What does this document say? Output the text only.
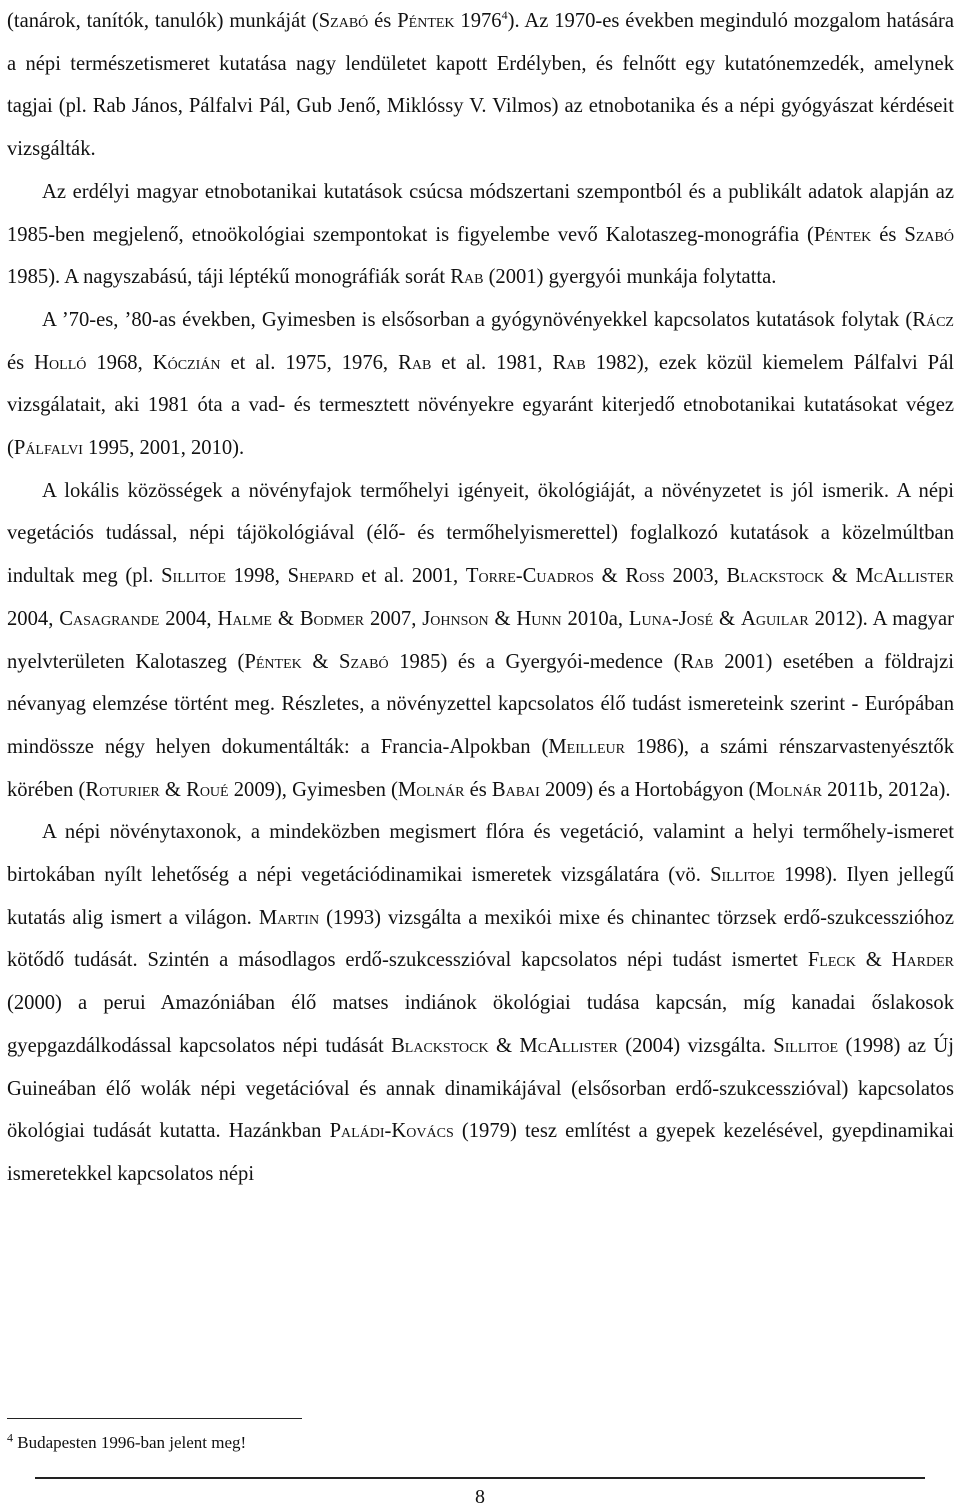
(tanárok, tanítók, tanulók) munkáját (Szabó és Péntek 1976$^4$). Az 1970-es években meginduló mozgalom hatására a népi természetismeret kutatása nagy lendületet kapott Erdélyben, és felnőtt egy kutatónemzedék, amelynek tagjai (pl. Rab János, Pálfalvi Pál, Gub Jenő, Miklóssy V. Vilmos) az etnobotanika és a népi gyógyászat kérdéseit vizsgálták.

Az erdélyi magyar etnobotanikai kutatások csúcsa módszertani szempontból és a publikált adatok alapján az 1985-ben megjelenő, etnoökológiai szempontokat is figyelembe vevő Kalotaszeg-monográfia (Péntek és Szabó 1985). A nagyszabású, táji léptékű monográfiák sorát Rab (2001) gyergyói munkája folytatta.

A ’70-es, ’80-as években, Gyimesben is elsősorban a gyógynövényekkel kapcsolatos kutatások folytak (Rácz és Holló 1968, Kóczián et al. 1975, 1976, Rab et al. 1981, Rab 1982), ezek közül kiemelem Pálfalvi Pál vizsgálatait, aki 1981 óta a vad- és termesztett növényekre egyaránt kiterjedő etnobotanikai kutatásokat végez (Pálfalvi 1995, 2001, 2010).

A lokális közösségek a növényfajok termőhelyi igényeit, ökológiáját, a növényzetet is jól ismerik. A népi vegetációs tudással, népi tájökológiával (élő- és termőhelyismerettel) foglalkozó kutatások a közelmúltban indultak meg (pl. Sillitoe 1998, Shepard et al. 2001, Torre-Cuadros & Ross 2003, Blackstock & McAllister 2004, Casagrande 2004, Halme & Bodmer 2007, Johnson & Hunn 2010a, Luna-José & Aguilar 2012). A magyar nyelvterületen Kalotaszeg (Péntek & Szabó 1985) és a Gyergyói-medence (Rab 2001) esetében a földrajzi névanyag elemzése történt meg. Részletes, a növényzettel kapcsolatos élő tudást ismereteink szerint - Európában mindössze négy helyen dokumentálták: a Francia-Alpokban (Meilleur 1986), a számi rénszarvastenyésztők körében (Roturier & Roué 2009), Gyimesben (Molnár és Babai 2009) és a Hortobágyon (Molnár 2011b, 2012a).

A népi növénytaxonok, a mindeközben megismert flóra és vegetáció, valamint a helyi termőhely-ismeret birtokában nyílt lehetőség a népi vegetációdinamikai ismeretek vizsgálatára (vö. Sillitoe 1998). Ilyen jellegű kutatás alig ismert a világon. Martin (1993) vizsgálta a mexikói mixe és chinantec törzsek erdő-szukcesszióhoz kötődő tudását. Szintén a másodlagos erdő-szukcesszióval kapcsolatos népi tudást ismertet Fleck & Harder (2000) a perui Amazóniában élő matses indiánok ökológiai tudása kapcsán, míg kanadai őslakosok gyepgazdálkodással kapcsolatos népi tudását Blackstock & McAllister (2004) vizsgálta. Sillitoe (1998) az Új Guineában élő wolák népi vegetációval és annak dinamikájával (elsősorban erdő-szukcesszióval) kapcsolatos ökológiai tudását kutatta. Hazánkban Paládi-Kovács (1979) tesz említést a gyepek kezelésével, gyepdinamikai ismeretekkel kapcsolatos népi

$^4$ Budapesten 1996-ban jelent meg!
8
